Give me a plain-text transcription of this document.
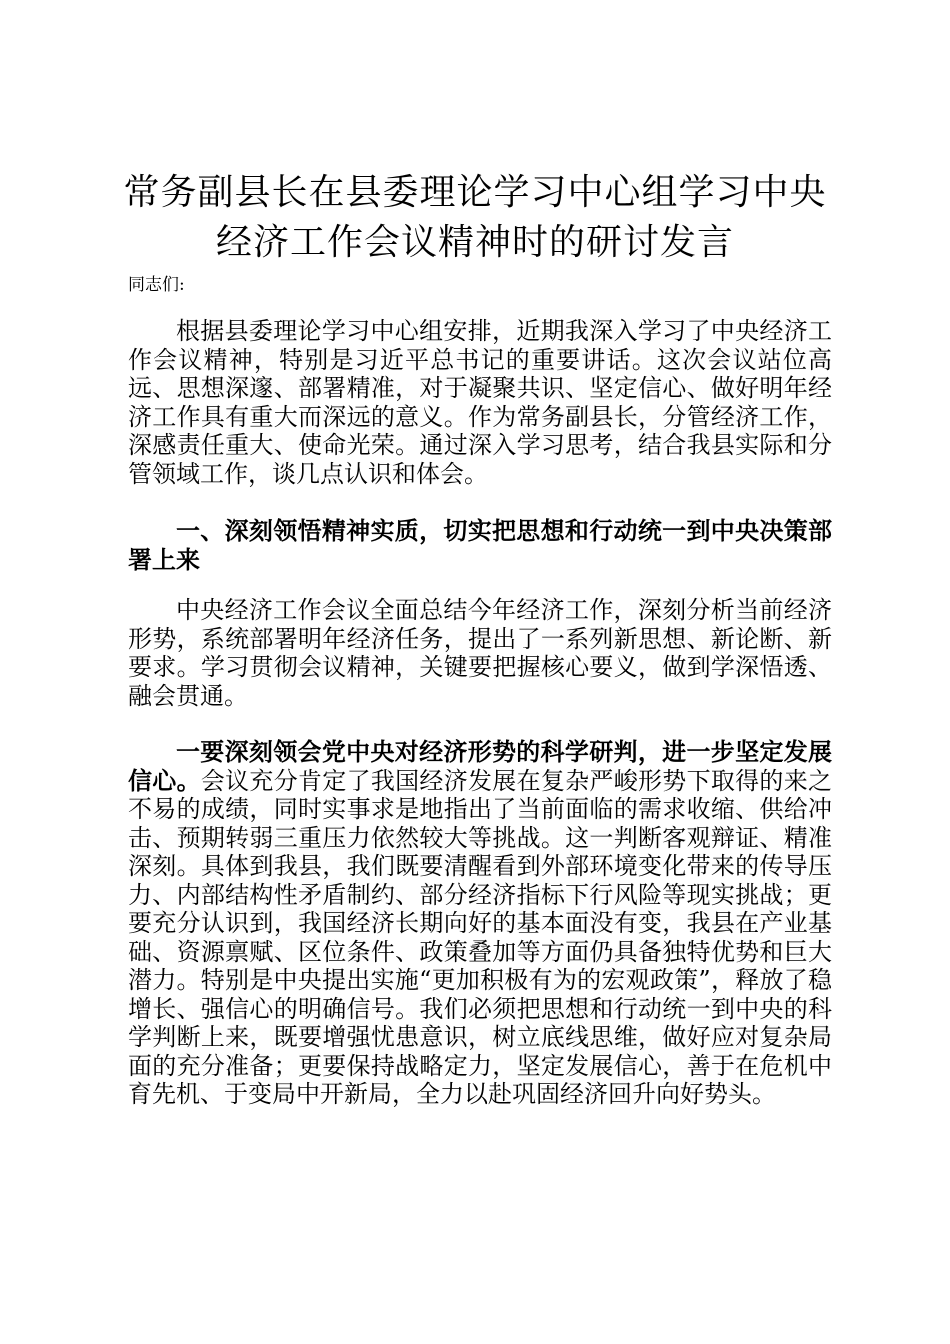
常务副县长在县委理论学习中心组学习中央经济工作会议精神时的研讨发言

同志们:

根据县委理论学习中心组安排，近期我深入学习了中央经济工作会议精神，特别是习近平总书记的重要讲话。这次会议站位高远、思想深邃、部署精准，对于凝聚共识、坚定信心、做好明年经济工作具有重大而深远的意义。作为常务副县长，分管经济工作，深感责任重大、使命光荣。通过深入学习思考，结合我县实际和分管领域工作，谈几点认识和体会。

一、深刻领悟精神实质，切实把思想和行动统一到中央决策部署上来

中央经济工作会议全面总结今年经济工作，深刻分析当前经济形势，系统部署明年经济任务，提出了一系列新思想、新论断、新要求。学习贯彻会议精神，关键要把握核心要义，做到学深悟透、融会贯通。

一要深刻领会党中央对经济形势的科学研判，进一步坚定发展信心。会议充分肯定了我国经济发展在复杂严峻形势下取得的来之不易的成绩，同时实事求是地指出了当前面临的需求收缩、供给冲击、预期转弱三重压力依然较大等挑战。这一判断客观辩证、精准深刻。具体到我县，我们既要清醒看到外部环境变化带来的传导压力、内部结构性矛盾制约、部分经济指标下行风险等现实挑战；更要充分认识到，我国经济长期向好的基本面没有变，我县在产业基础、资源禀赋、区位条件、政策叠加等方面仍具备独特优势和巨大潜力。特别是中央提出实施“更加积极有为的宏观政策”，释放了稳增长、强信心的明确信号。我们必须把思想和行动统一到中央的科学判断上来，既要增强忧患意识，树立底线思维，做好应对复杂局面的充分准备；更要保持战略定力，坚定发展信心，善于在危机中育先机、于变局中开新局，全力以赴巩固经济回升向好势头。
